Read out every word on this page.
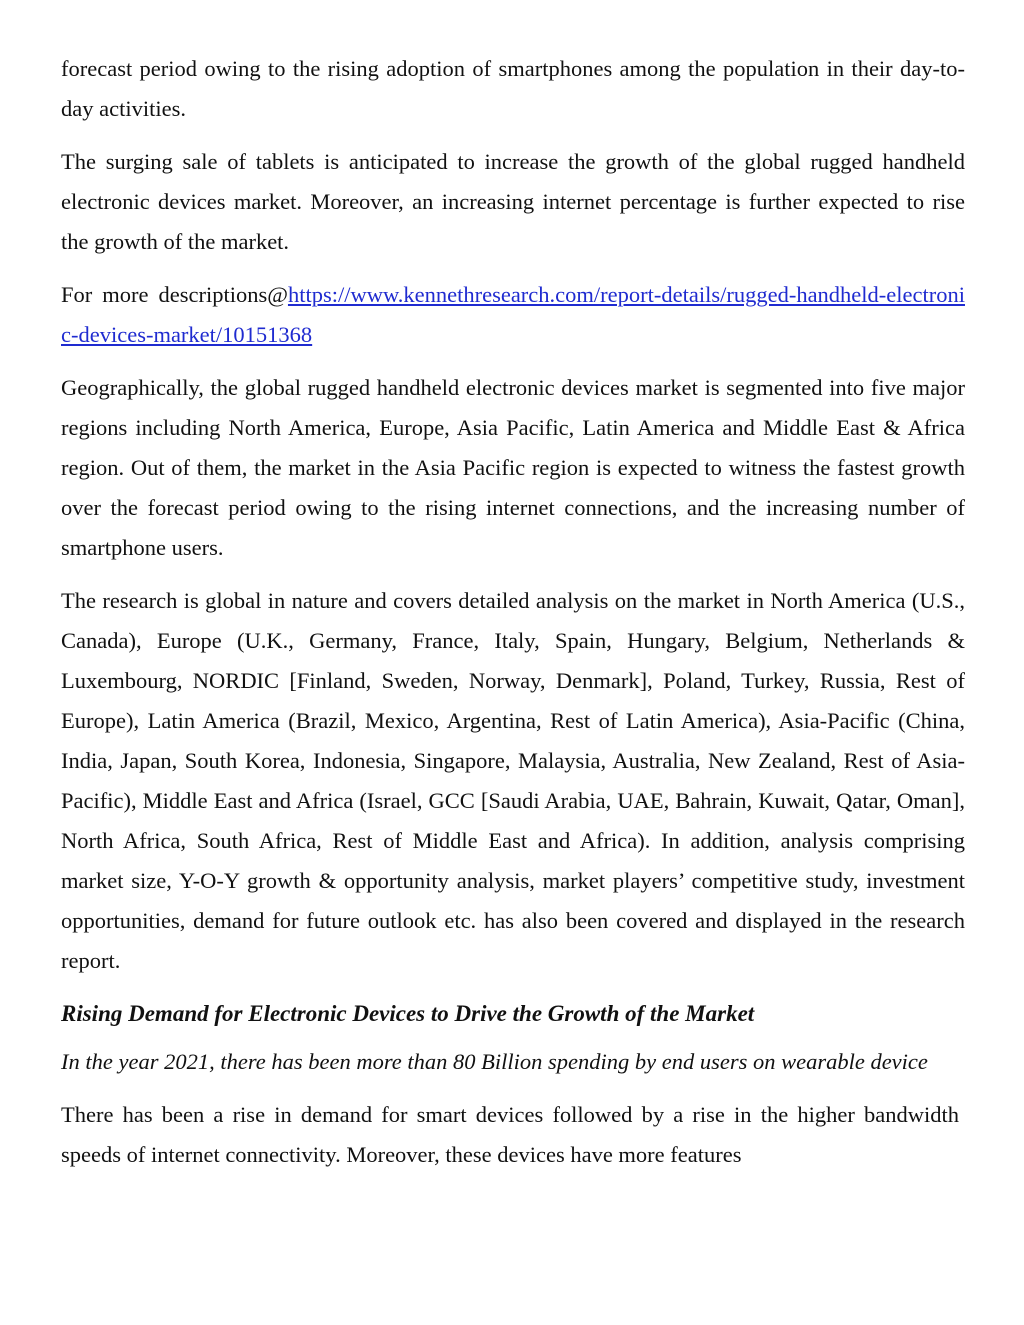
forecast period owing to the rising adoption of smartphones among the population in their day-to-day activities.

The surging sale of tablets is anticipated to increase the growth of the global rugged handheld electronic devices market. Moreover, an increasing internet percentage is further expected to rise the growth of the market.

For more descriptions@https://www.kennethresearch.com/report-details/rugged-handheld-electronic-devices-market/10151368

Geographically, the global rugged handheld electronic devices market is segmented into five major regions including North America, Europe, Asia Pacific, Latin America and Middle East & Africa region. Out of them, the market in the Asia Pacific region is expected to witness the fastest growth over the forecast period owing to the rising internet connections, and the increasing number of smartphone users.

The research is global in nature and covers detailed analysis on the market in North America (U.S., Canada), Europe (U.K., Germany, France, Italy, Spain, Hungary, Belgium, Netherlands & Luxembourg, NORDIC [Finland, Sweden, Norway, Denmark], Poland, Turkey, Russia, Rest of Europe), Latin America (Brazil, Mexico, Argentina, Rest of Latin America), Asia-Pacific (China, India, Japan, South Korea, Indonesia, Singapore, Malaysia, Australia, New Zealand, Rest of Asia-Pacific), Middle East and Africa (Israel, GCC [Saudi Arabia, UAE, Bahrain, Kuwait, Qatar, Oman], North Africa, South Africa, Rest of Middle East and Africa). In addition, analysis comprising market size, Y-O-Y growth & opportunity analysis, market players’ competitive study, investment opportunities, demand for future outlook etc. has also been covered and displayed in the research report.

Rising Demand for Electronic Devices to Drive the Growth of the Market

In the year 2021, there has been more than 80 Billion spending by end users on wearable device

There has been a rise in demand for smart devices followed by a rise in the higher bandwidth speeds of internet connectivity. Moreover, these devices have more features
